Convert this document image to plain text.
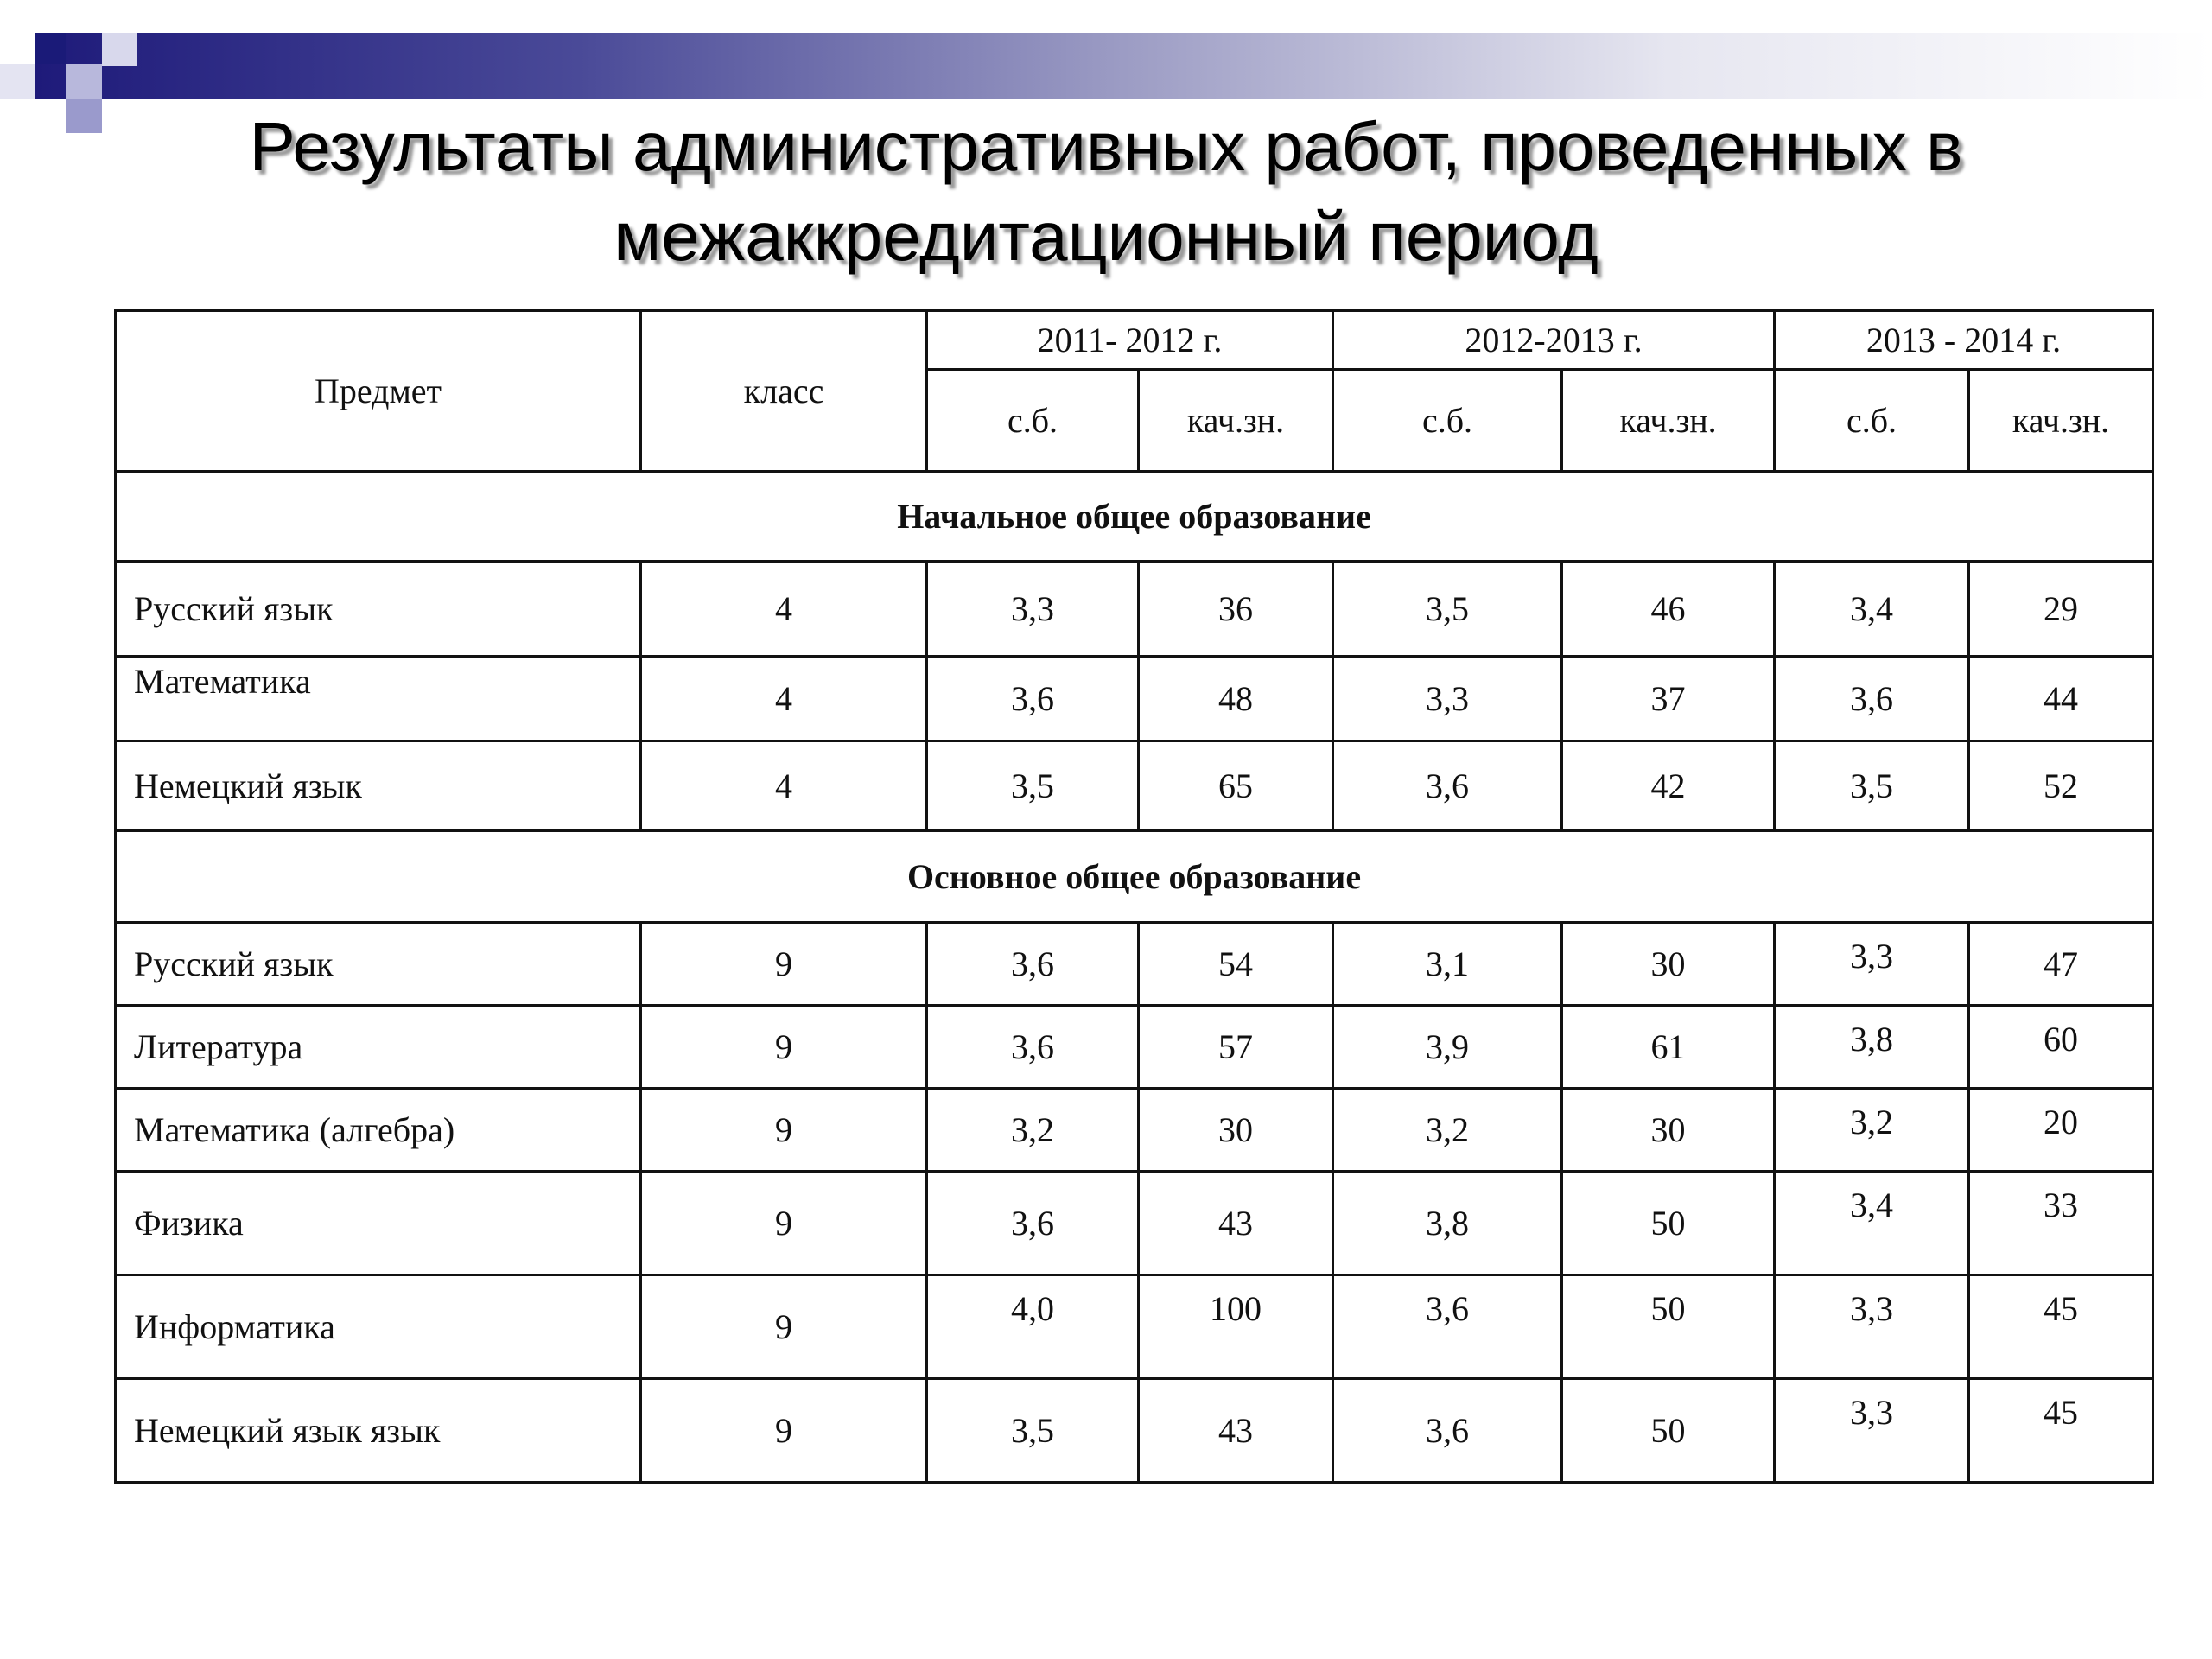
Результаты административных работ, проведенных в
межаккредитационный период
Предмет	класс	2011- 2012 г.		2012-2013 г.		2013 - 2014 г.	
		с.б.	кач.зн.	с.б.	кач.зн.	с.б.	кач.зн.
Начальное общее образование							
Русский язык	4	3,3	36	3,5	46	3,4	29
Математика	4	3,6	48	3,3	37	3,6	44
Немецкий язык	4	3,5	65	3,6	42	3,5	52
Основное общее образование							
Русский язык	9	3,6	54	3,1	30	3,3	47
Литература	9	3,6	57	3,9	61	3,8	60
Математика (алгебра)	9	3,2	30	3,2	30	3,2	20
Физика	9	3,6	43	3,8	50	3,4	33
Информатика	9	4,0	100	3,6	50	3,3	45
Немецкий язык язык	9	3,5	43	3,6	50	3,3	45
